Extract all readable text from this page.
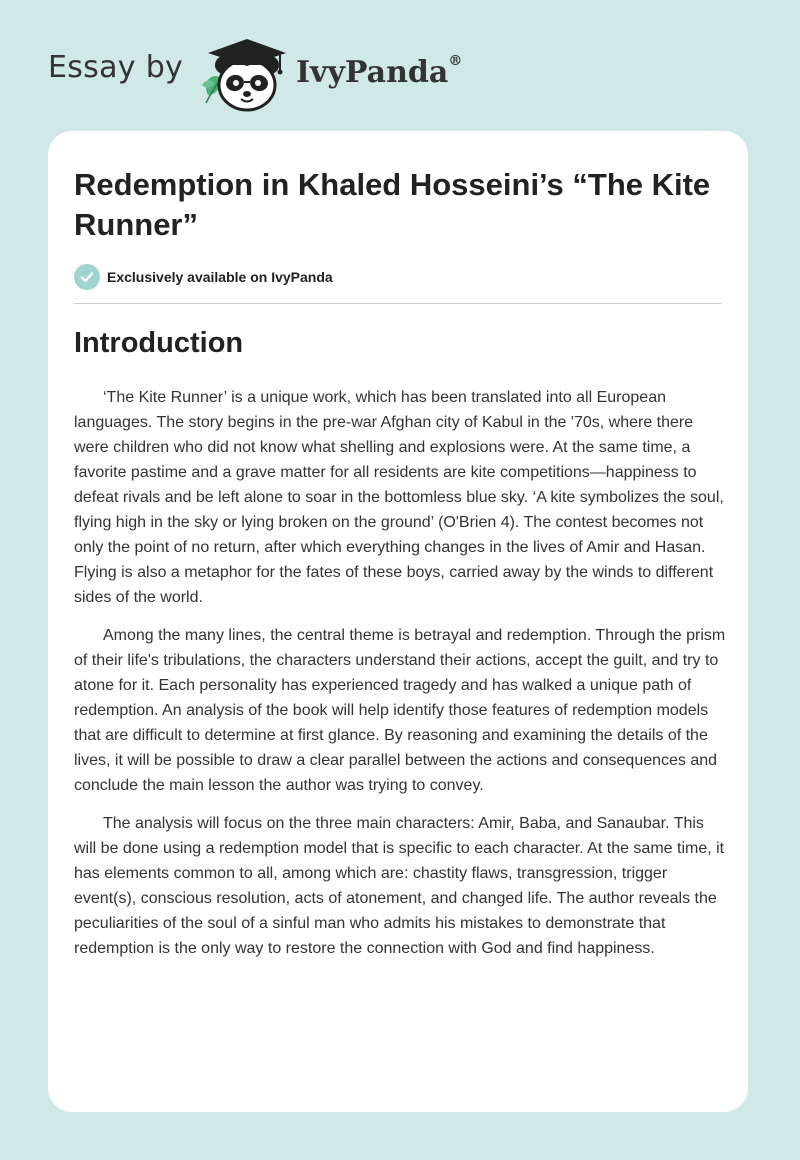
Essay by	IvyPanda®
Redemption in Khaled Hosseini’s “The Kite Runner”
Exclusively available on IvyPanda
Introduction

‘The Kite Runner’ is a unique work, which has been translated into all European languages. The story begins in the pre-war Afghan city of Kabul in the '70s, where there were children who did not know what shelling and explosions were. At the same time, a favorite pastime and a grave matter for all residents are kite competitions—happiness to defeat rivals and be left alone to soar in the bottomless blue sky. ‘A kite symbolizes the soul, flying high in the sky or lying broken on the ground’ (O'Brien 4). The contest becomes not only the point of no return, after which everything changes in the lives of Amir and Hasan. Flying is also a metaphor for the fates of these boys, carried away by the winds to different sides of the world.

Among the many lines, the central theme is betrayal and redemption. Through the prism of their life's tribulations, the characters understand their actions, accept the guilt, and try to atone for it. Each personality has experienced tragedy and has walked a unique path of redemption. An analysis of the book will help identify those features of redemption models that are difficult to determine at first glance. By reasoning and examining the details of the lives, it will be possible to draw a clear parallel between the actions and consequences and conclude the main lesson the author was trying to convey.

The analysis will focus on the three main characters: Amir, Baba, and Sanaubar. This will be done using a redemption model that is specific to each character. At the same time, it has elements common to all, among which are: chastity flaws, transgression, trigger event(s), conscious resolution, acts of atonement, and changed life. The author reveals the peculiarities of the soul of a sinful man who admits his mistakes to demonstrate that redemption is the only way to restore the connection with God and find happiness.
